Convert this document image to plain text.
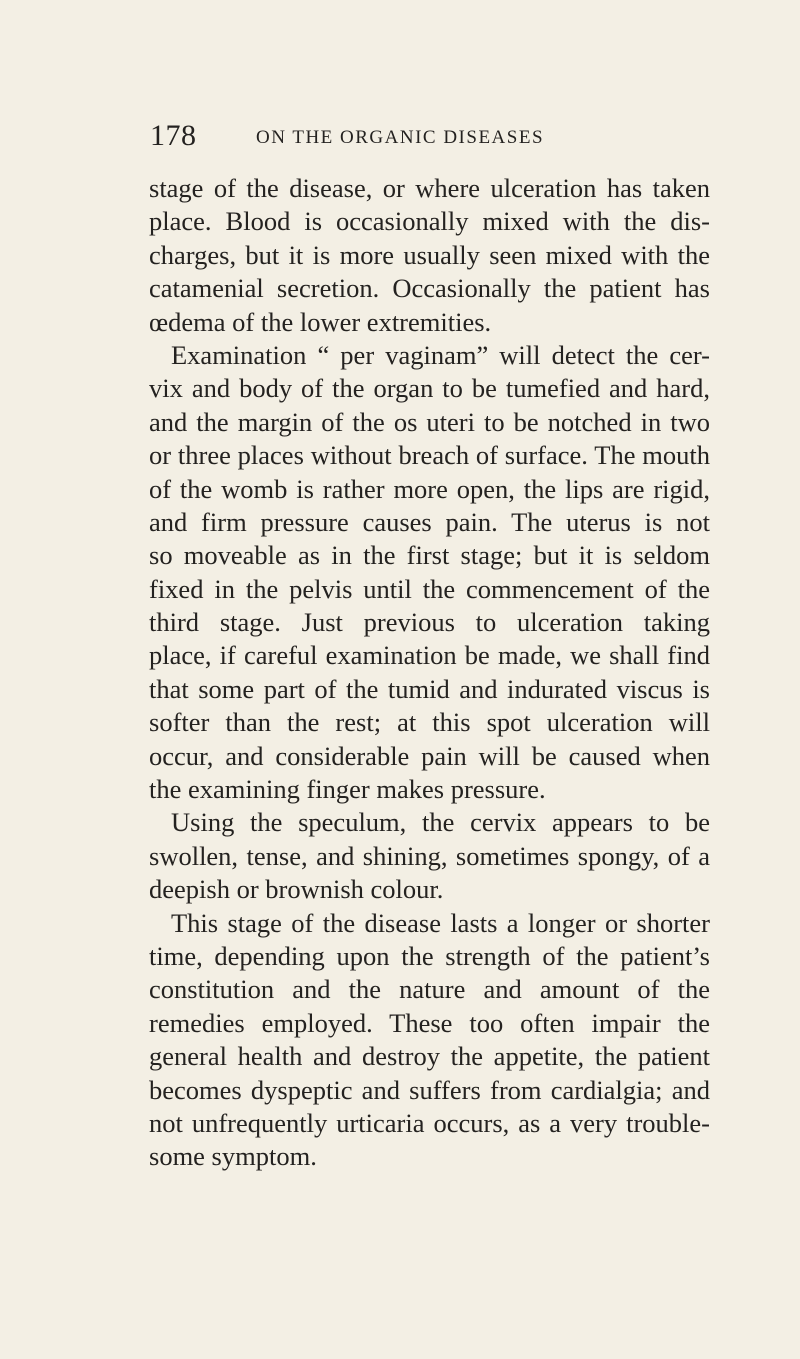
178	ON THE ORGANIC DISEASES
stage of the disease, or where ulceration has taken
place. Blood is occasionally mixed with the dis-
charges, but it is more usually seen mixed with the
catamenial secretion. Occasionally the patient has
œdema of the lower extremities.
Examination “ per vaginam” will detect the cer-
vix and body of the organ to be tumefied and hard,
and the margin of the os uteri to be notched in two
or three places without breach of surface. The mouth
of the womb is rather more open, the lips are rigid,
and firm pressure causes pain. The uterus is not
so moveable as in the first stage; but it is seldom
fixed in the pelvis until the commencement of the
third stage. Just previous to ulceration taking
place, if careful examination be made, we shall find
that some part of the tumid and indurated viscus is
softer than the rest; at this spot ulceration will
occur, and considerable pain will be caused when
the examining finger makes pressure.
Using the speculum, the cervix appears to be
swollen, tense, and shining, sometimes spongy, of a
deepish or brownish colour.
This stage of the disease lasts a longer or shorter
time, depending upon the strength of the patient’s
constitution and the nature and amount of the
remedies employed. These too often impair the
general health and destroy the appetite, the patient
becomes dyspeptic and suffers from cardialgia; and
not unfrequently urticaria occurs, as a very trouble-
some symptom.
